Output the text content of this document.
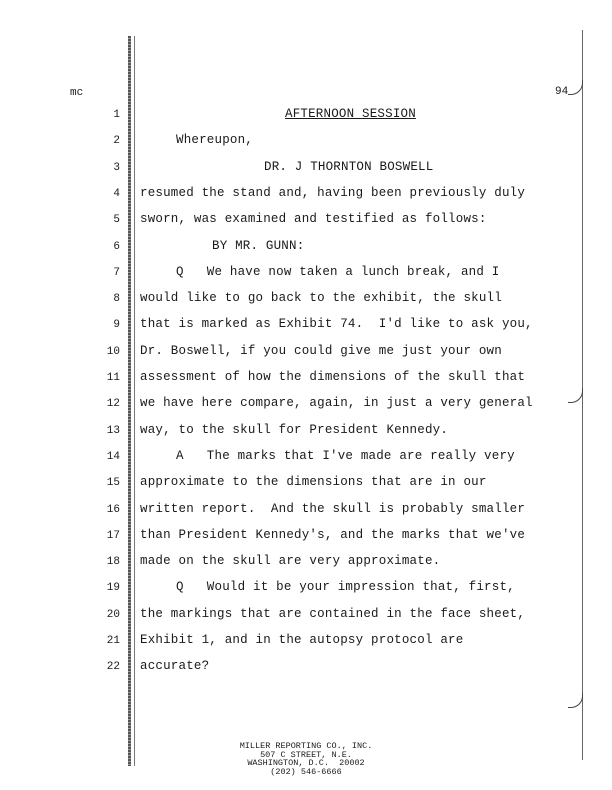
mc	94
1	AFTERNOON SESSION
2	Whereupon,
3	DR. J THORNTON BOSWELL
4 resumed the stand and, having been previously duly
5 sworn, was examined and testified as follows:
6	BY MR. GUNN:
7	Q   We have now taken a lunch break, and I
8 would like to go back to the exhibit, the skull
9 that is marked as Exhibit 74.  I'd like to ask you,
10 Dr. Boswell, if you could give me just your own
11 assessment of how the dimensions of the skull that
12 we have here compare, again, in just a very general
13 way, to the skull for President Kennedy.
14	A   The marks that I've made are really very
15 approximate to the dimensions that are in our
16 written report.  And the skull is probably smaller
17 than President Kennedy's, and the marks that we've
18 made on the skull are very approximate.
19	Q   Would it be your impression that, first,
20 the markings that are contained in the face sheet,
21 Exhibit 1, and in the autopsy protocol are
22 accurate?
MILLER REPORTING CO., INC.
507 C STREET, N.E.
WASHINGTON, D.C.  20002
(202) 546-6666
